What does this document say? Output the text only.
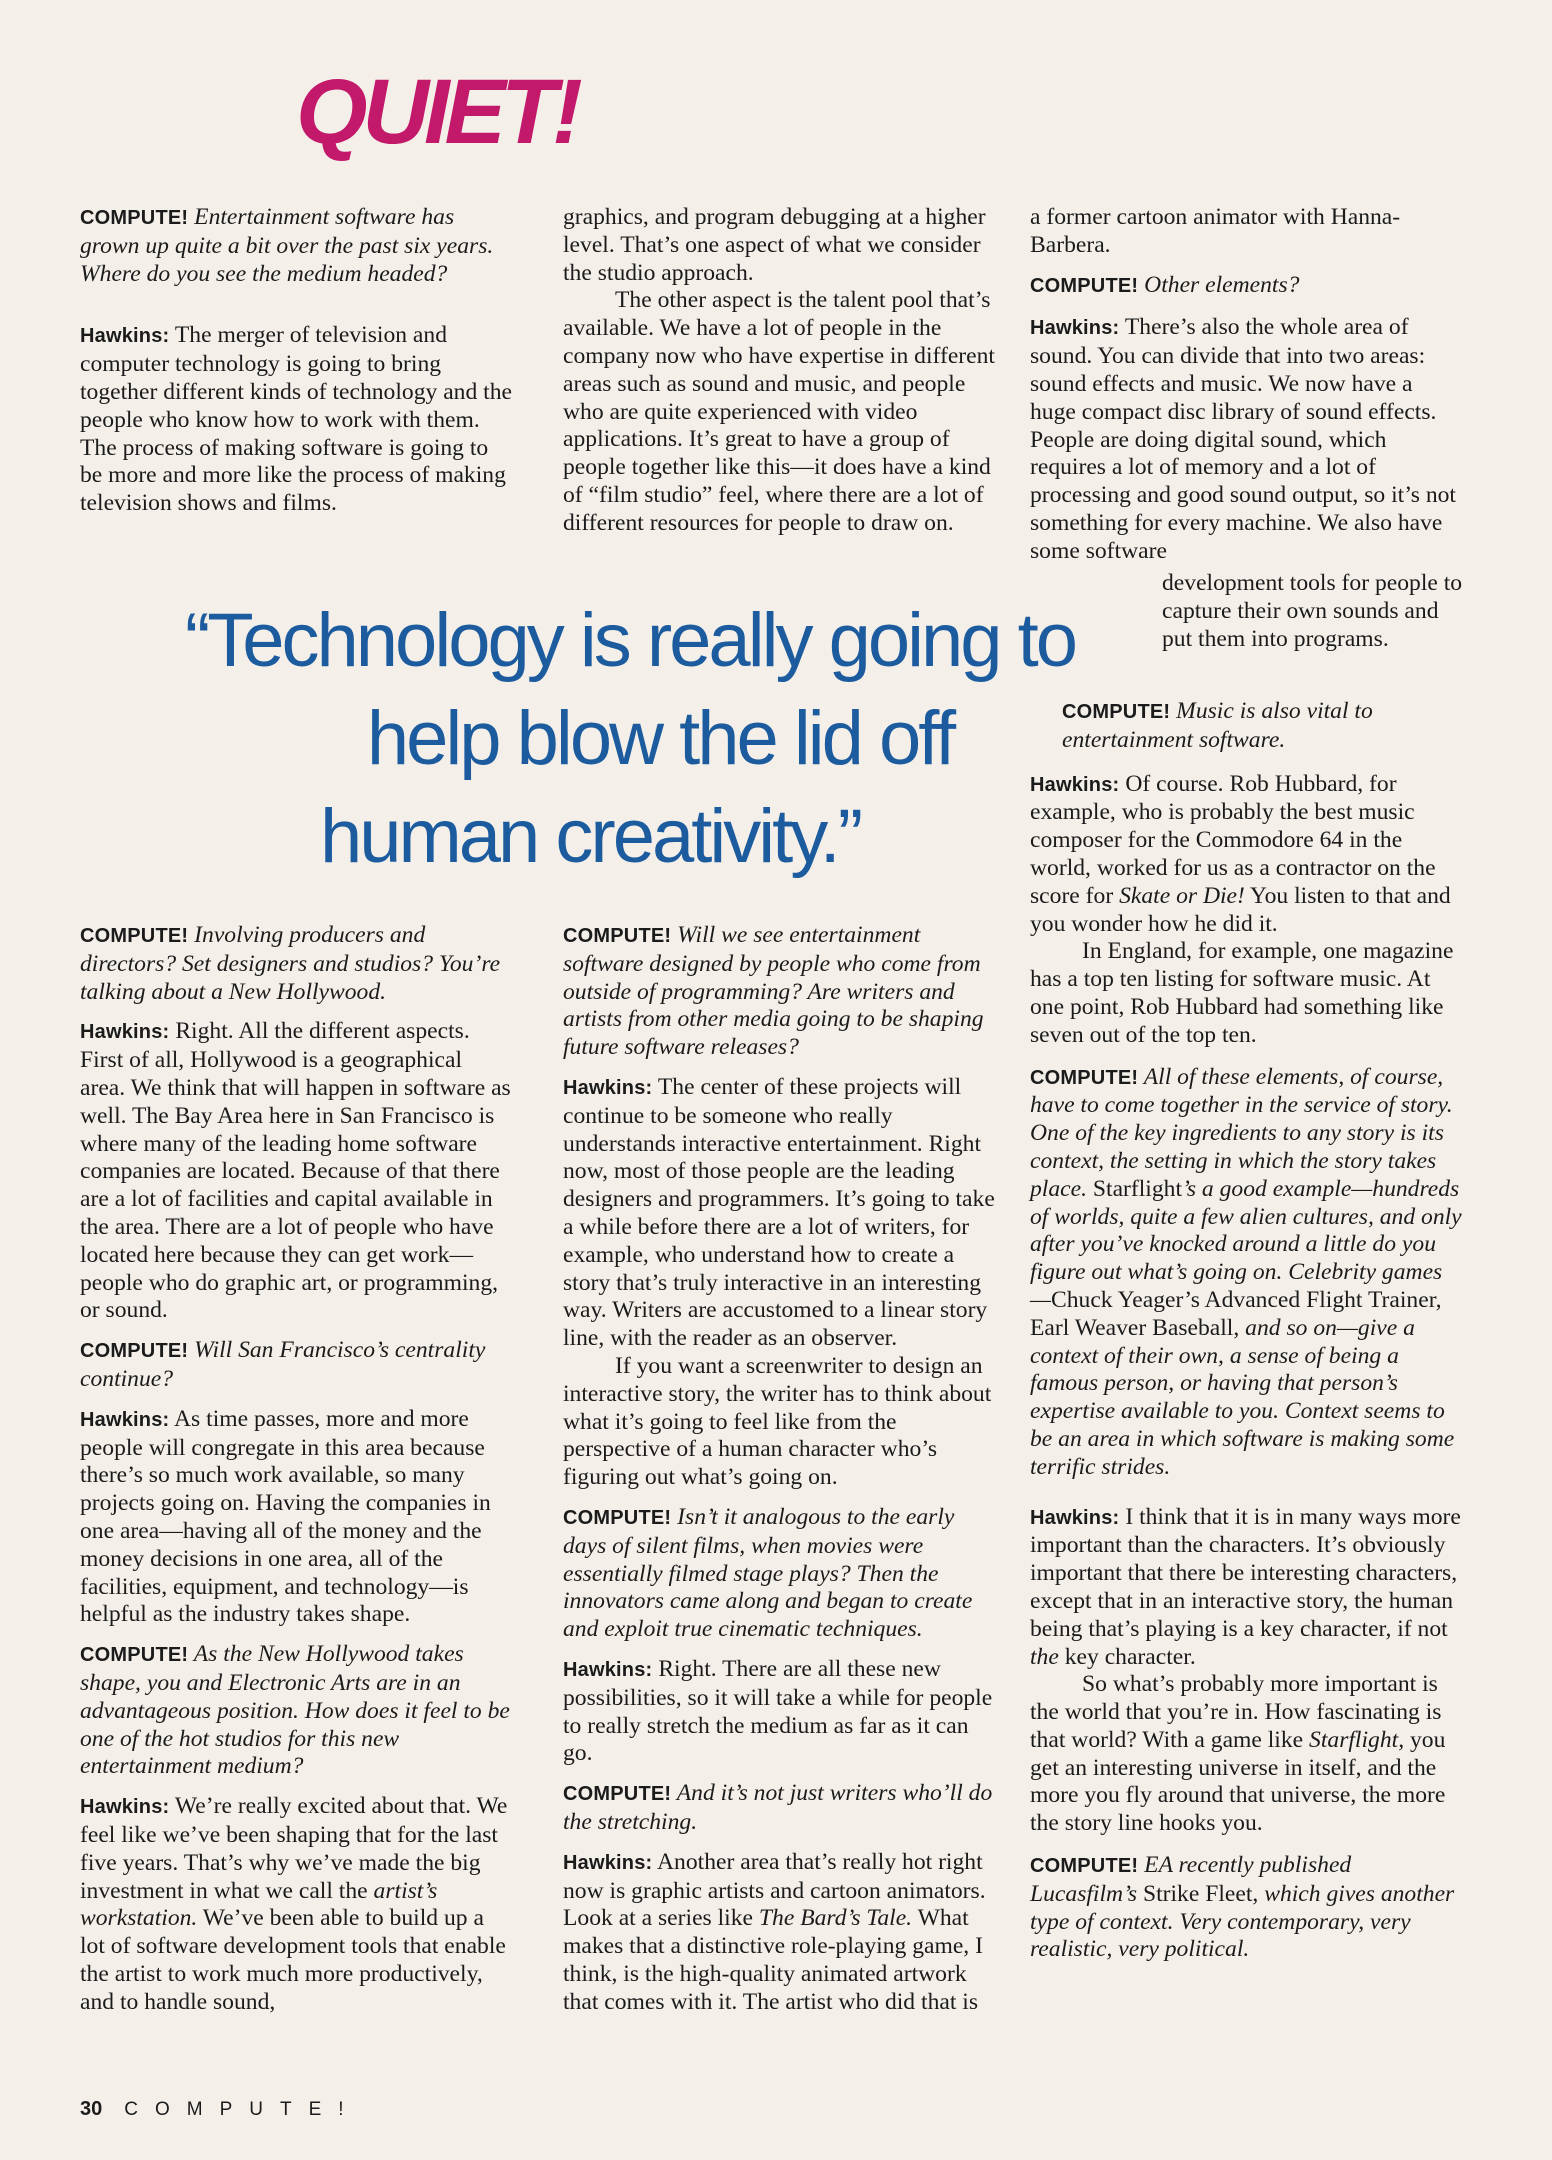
QUIET!

COMPUTE! Entertainment software has grown up quite a bit over the past six years. Where do you see the medium headed?

Hawkins: The merger of television and computer technology is going to bring together different kinds of technology and the people who know how to work with them. The process of making software is going to be more and more like the process of making television shows and films.

graphics, and program debugging at a higher level. That’s one aspect of what we consider the studio approach.

The other aspect is the talent pool that’s available. We have a lot of people in the company now who have expertise in different areas such as sound and music, and people who are quite experienced with video applications. It’s great to have a group of people together like this—it does have a kind of “film studio” feel, where there are a lot of different resources for people to draw on.

a former cartoon animator with Hanna-Barbera.

COMPUTE! Other elements?

Hawkins: There’s also the whole area of sound. You can divide that into two areas: sound effects and music. We now have a huge compact disc library of sound effects. People are doing digital sound, which requires a lot of memory and a lot of processing and good sound output, so it’s not something for every machine. We also have some software

development tools for people to capture their own sounds and put them into programs.

“Technology is really going to
help blow the lid off
human creativity.”

COMPUTE! Involving producers and directors? Set designers and studios? You’re talking about a New Hollywood.

Hawkins: Right. All the different aspects. First of all, Hollywood is a geographical area. We think that will happen in software as well. The Bay Area here in San Francisco is where many of the leading home software companies are located. Because of that there are a lot of facilities and capital available in the area. There are a lot of people who have located here because they can get work—people who do graphic art, or programming, or sound.

COMPUTE! Will San Francisco’s centrality continue?

Hawkins: As time passes, more and more people will congregate in this area because there’s so much work available, so many projects going on. Having the companies in one area—having all of the money and the money decisions in one area, all of the facilities, equipment, and technology—is helpful as the industry takes shape.

COMPUTE! As the New Hollywood takes shape, you and Electronic Arts are in an advantageous position. How does it feel to be one of the hot studios for this new entertainment medium?

Hawkins: We’re really excited about that. We feel like we’ve been shaping that for the last five years. That’s why we’ve made the big investment in what we call the artist’s workstation. We’ve been able to build up a lot of software development tools that enable the artist to work much more productively, and to handle sound,

COMPUTE! Will we see entertainment software designed by people who come from outside of programming? Are writers and artists from other media going to be shaping future software releases?

Hawkins: The center of these projects will continue to be someone who really understands interactive entertainment. Right now, most of those people are the leading designers and programmers. It’s going to take a while before there are a lot of writers, for example, who understand how to create a story that’s truly interactive in an interesting way. Writers are accustomed to a linear story line, with the reader as an observer.

If you want a screenwriter to design an interactive story, the writer has to think about what it’s going to feel like from the perspective of a human character who’s figuring out what’s going on.

COMPUTE! Isn’t it analogous to the early days of silent films, when movies were essentially filmed stage plays? Then the innovators came along and began to create and exploit true cinematic techniques.

Hawkins: Right. There are all these new possibilities, so it will take a while for people to really stretch the medium as far as it can go.

COMPUTE! And it’s not just writers who’ll do the stretching.

Hawkins: Another area that’s really hot right now is graphic artists and cartoon animators. Look at a series like The Bard’s Tale. What makes that a distinctive role-playing game, I think, is the high-quality animated artwork that comes with it. The artist who did that is

COMPUTE! Music is also vital to entertainment software.

Hawkins: Of course. Rob Hubbard, for example, who is probably the best music composer for the Commodore 64 in the world, worked for us as a contractor on the score for Skate or Die! You listen to that and you wonder how he did it.

In England, for example, one magazine has a top ten listing for software music. At one point, Rob Hubbard had something like seven out of the top ten.

COMPUTE! All of these elements, of course, have to come together in the service of story. One of the key ingredients to any story is its context, the setting in which the story takes place. Starflight’s a good example—hundreds of worlds, quite a few alien cultures, and only after you’ve knocked around a little do you figure out what’s going on. Celebrity games—Chuck Yeager’s Advanced Flight Trainer, Earl Weaver Baseball, and so on—give a context of their own, a sense of being a famous person, or having that person’s expertise available to you. Context seems to be an area in which software is making some terrific strides.

Hawkins: I think that it is in many ways more important than the characters. It’s obviously important that there be interesting characters, except that in an interactive story, the human being that’s playing is a key character, if not the key character.

So what’s probably more important is the world that you’re in. How fascinating is that world? With a game like Starflight, you get an interesting universe in itself, and the more you fly around that universe, the more the story line hooks you.

COMPUTE! EA recently published Lucasfilm’s Strike Fleet, which gives another type of context. Very contemporary, very realistic, very political.

30 COMPUTE!
